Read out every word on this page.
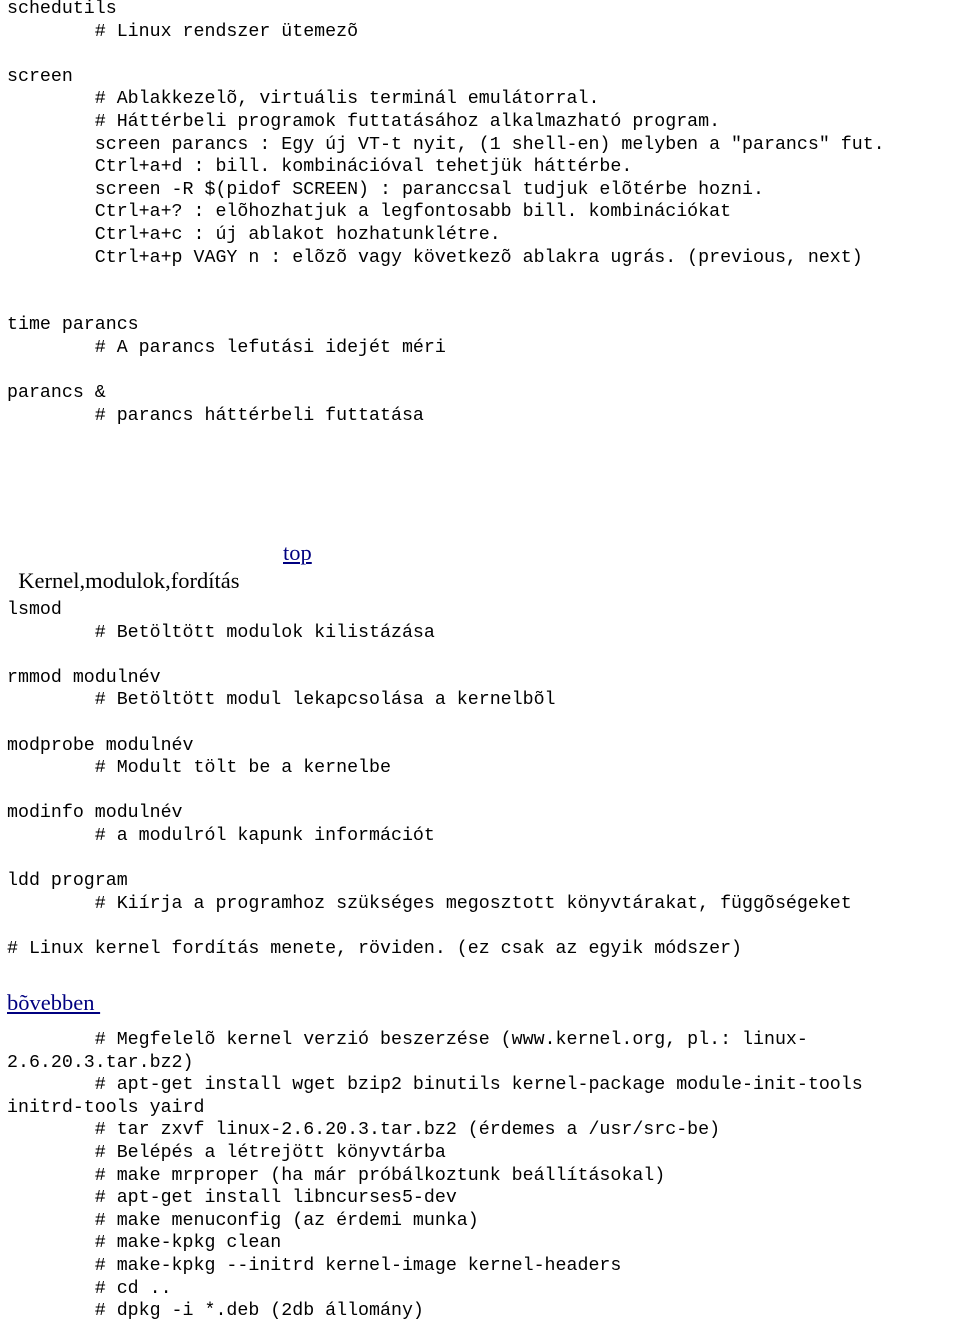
schedutils
# Linux rendszer ütemezõ

screen
# Ablakkezelõ, virtuális terminál emulátorral.
# Háttérbeli programok futtatásához alkalmazható program.
screen parancs : Egy új VT-t nyit, (1 shell-en) melyben a "parancs" fut.
Ctrl+a+d : bill. kombinációval tehetjük háttérbe.
screen -R $(pidof SCREEN) : paranccsal tudjuk elõtérbe hozni.
Ctrl+a+? : elõhozhatjuk a legfontosabb bill. kombinációkat
Ctrl+a+c : új ablakot hozhatunklétre.
Ctrl+a+p VAGY n : elõzõ vagy következõ ablakra ugrás. (previous, next)

time parancs
# A parancs lefutási idejét méri

parancs &
# parancs háttérbeli futtatása

Kernel,modulok,fordítás

top

lsmod
# Betöltött modulok kilistázása

rmmod modulnév
# Betöltött modul lekapcsolása a kernelbõl

modprobe modulnév
# Modult tölt be a kernelbe

modinfo modulnév
# a modulról kapunk információt

ldd program
# Kiírja a programhoz szükséges megosztott könyvtárakat, függõségeket

# Linux kernel fordítás menete, röviden. (ez csak az egyik módszer)
bõvebben
# Megfelelõ kernel verzió beszerzése (www.kernel.org, pl.: linux-
2.6.20.3.tar.bz2)
# apt-get install wget bzip2 binutils kernel-package module-init-tools
initrd-tools yaird
# tar zxvf linux-2.6.20.3.tar.bz2 (érdemes a /usr/src-be)
# Belépés a létrejött könyvtárba
# make mrproper (ha már próbálkoztunk beállításokal)
# apt-get install libncurses5-dev
# make menuconfig (az érdemi munka)
# make-kpkg clean
# make-kpkg --initrd kernel-image kernel-headers
# cd ..
# dpkg -i *.deb (2db állomány)
